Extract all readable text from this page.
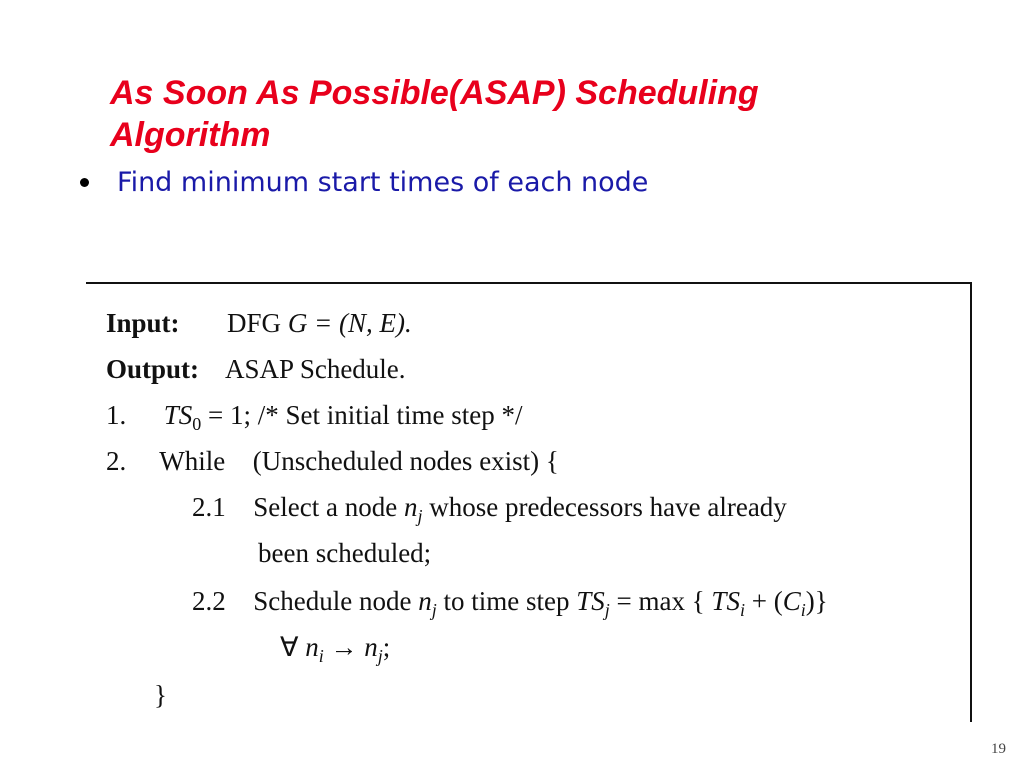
As Soon As Possible(ASAP) Scheduling
Algorithm
Find minimum start times of each node
Input: DFG G = (N, E).
Output: ASAP Schedule.
1. $TS_0 = 1$; /* Set initial time step */
2. While (Unscheduled nodes exist) {
2.1 Select a node $n_j$ whose predecessors have already
been scheduled;
2.2 Schedule node $n_j$ to time step $TS_j = \max$ { $TS_i + (C_i)$}
∀ $n_i \to n_j$;
}
19
